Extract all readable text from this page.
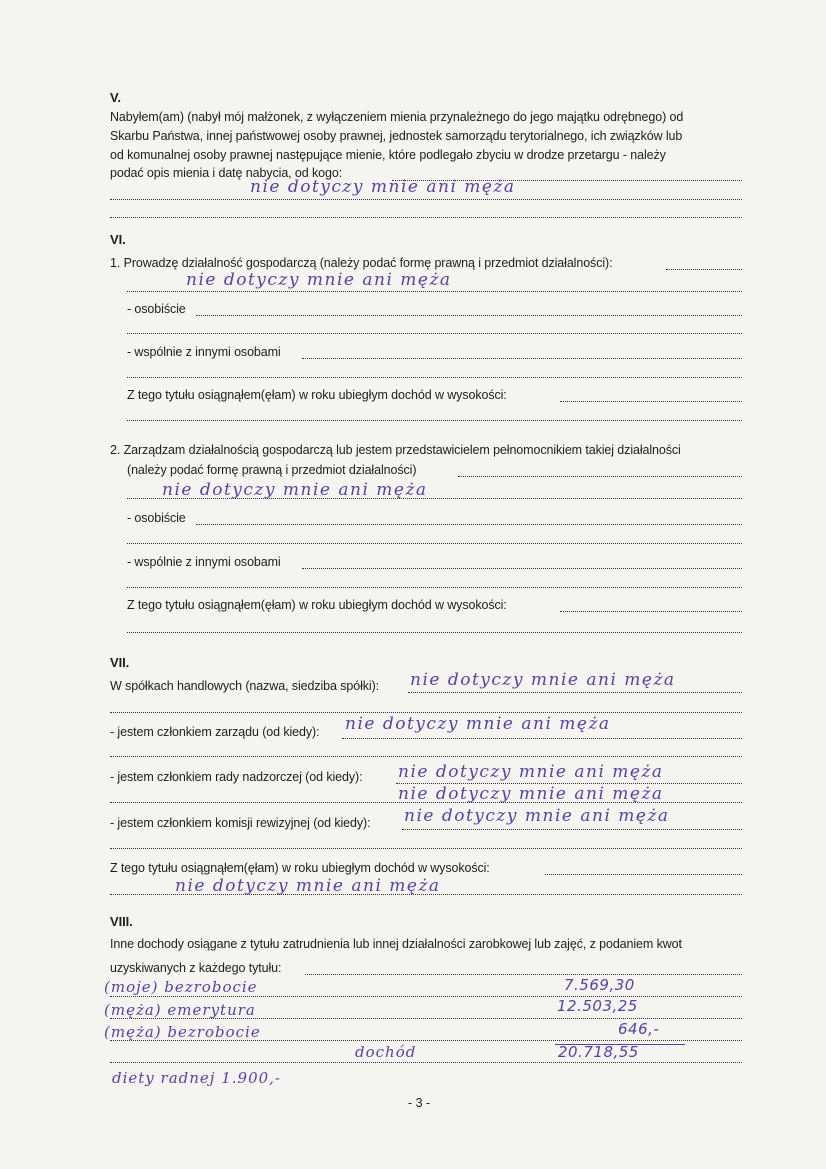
V.
Nabyłem(am) (nabył mój małżonek, z wyłączeniem mienia przynależnego do jego majątku odrębnego) od
Skarbu Państwa, innej państwowej osoby prawnej, jednostek samorządu terytorialnego, ich związków lub
od komunalnej osoby prawnej następujące mienie, które podlegało zbyciu w drodze przetargu - należy
podać opis mienia i datę nabycia, od kogo:
nie dotyczy mnie ani męża
VI.
1. Prowadzę działalność gospodarczą (należy podać formę prawną i przedmiot działalności):
nie dotyczy mnie ani męża
- osobiście
- wspólnie z innymi osobami
Z tego tytułu osiągnąłem(ęłam) w roku ubiegłym dochód w wysokości:
2. Zarządzam działalnością gospodarczą lub jestem przedstawicielem pełnomocnikiem takiej działalności
(należy podać formę prawną i przedmiot działalności)
nie dotyczy mnie ani męża
- osobiście
- wspólnie z innymi osobami
Z tego tytułu osiągnąłem(ęłam) w roku ubiegłym dochód w wysokości:
VII.
W spółkach handlowych (nazwa, siedziba spółki): nie dotyczy mnie ani męża
- jestem członkiem zarządu (od kiedy): nie dotyczy mnie ani męża
- jestem członkiem rady nadzorczej (od kiedy): nie dotyczy mnie ani męża
nie dotyczy mnie ani męża
- jestem członkiem komisji rewizyjnej (od kiedy): nie dotyczy mnie ani męża
Z tego tytułu osiągnąłem(ęłam) w roku ubiegłym dochód w wysokości:
nie dotyczy mnie ani męża
VIII.
Inne dochody osiągane z tytułu zatrudnienia lub innej działalności zarobkowej lub zajęć, z podaniem kwot
uzyskiwanych z każdego tytułu:
(moje) bezrobocie	7.569,30
(męża) emerytura	12.503,25
(męża) bezrobocie	646,-
dochód	20.718,55
diety radnej 1.900,-
- 3 -
